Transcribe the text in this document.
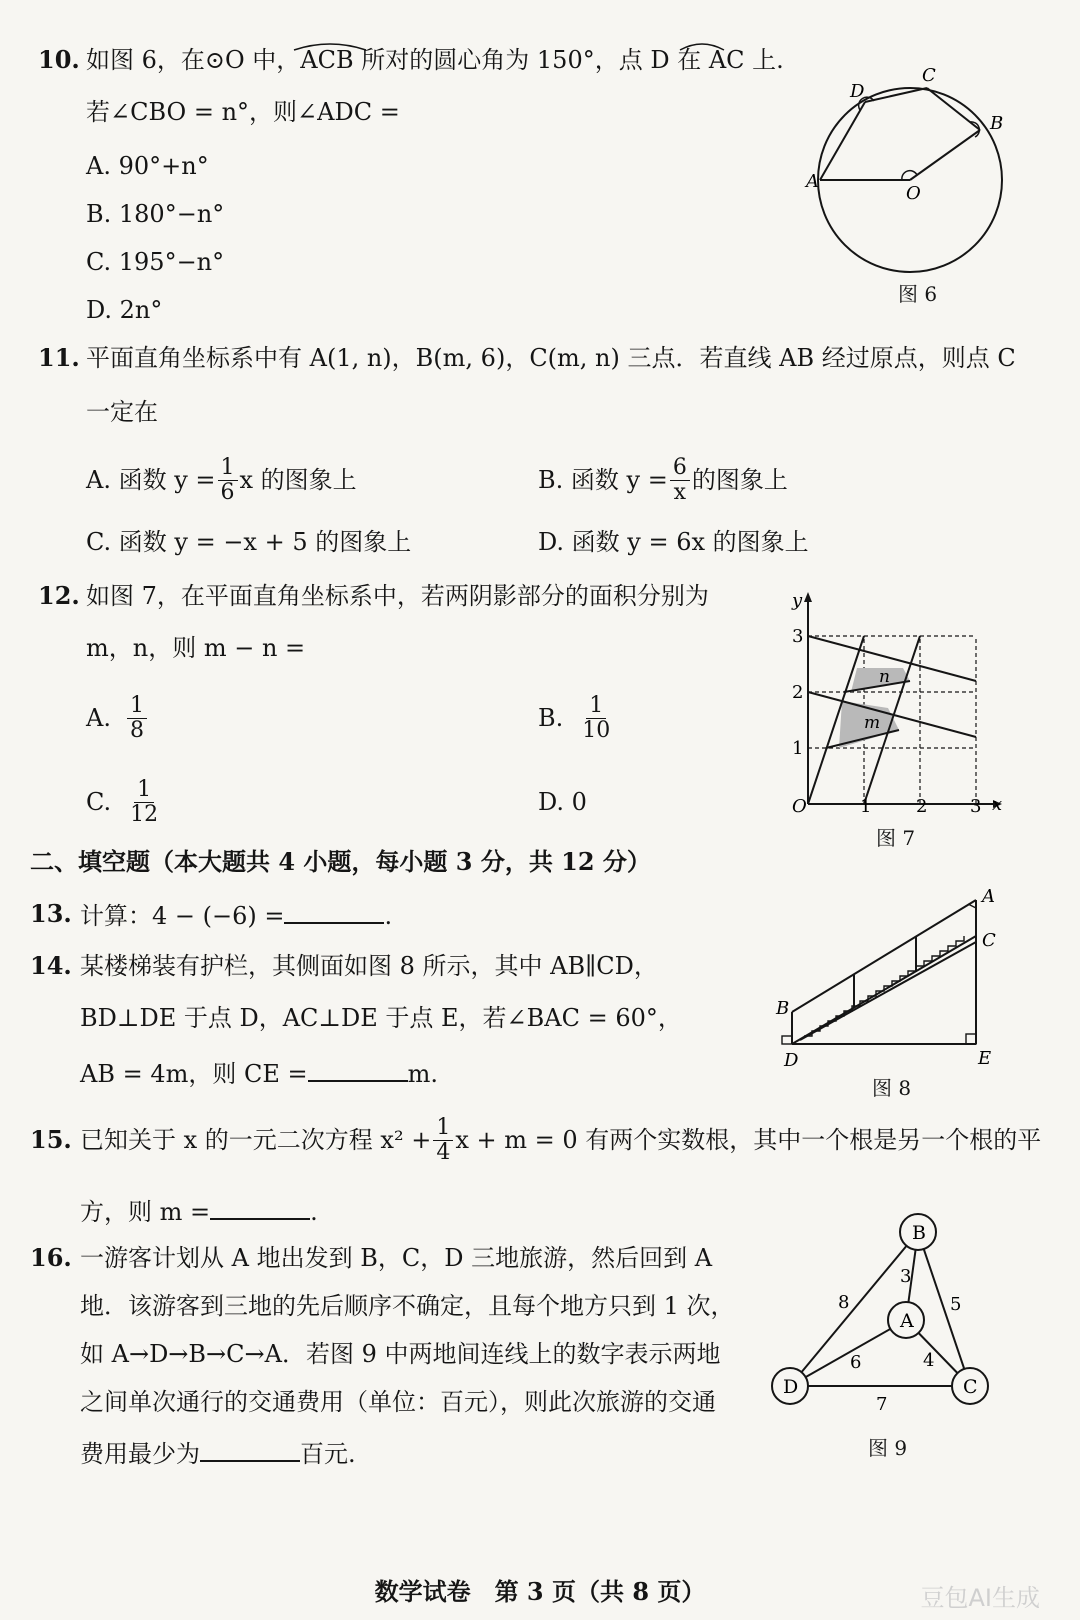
10. 如图 6，在⊙O 中，ACB 所对的圆心角为 150°，点 D 在 AC 上.
若∠CBO = n°，则∠ADC =
A. 90°+n°
B. 180°−n°
C. 195°−n°
D. 2n°
A
B
C
D
O
图 6
11. 平面直角坐标系中有 A(1, n)，B(m, 6)，C(m, n) 三点．若直线 AB 经过原点，则点 C
一定在
A. 函数 $y = \frac{1}{6}$ x 的图象上	B. 函数 $y = \frac{6}{x}$ 的图象上
C. 函数 y = −x + 5 的图象上	D. 函数 y = 6x 的图象上
12. 如图 7，在平面直角坐标系中，若两阴影部分的面积分别为
m，n，则 m − n =
A. $\frac{1}{8}$	B. $\frac{1}{10}$
C. $\frac{1}{12}$	D. 0
y
x
O	1 2 3
1
2
3
m
n
图 7
二、填空题（本大题共 4 小题，每小题 3 分，共 12 分）
13. 计算：4 − (−6) =	.
14. 某楼梯装有护栏，其侧面如图 8 所示，其中 AB∥CD，
BD⊥DE 于点 D，AC⊥DE 于点 E，若∠BAC = 60°，
AB = 4m，则 CE =	m.
A
B
C
D	E
图 8
15. 已知关于 x 的一元二次方程 $x^2 + \frac{1}{4}$ x + m = 0 有两个实数根，其中一个根是另一个根的平
方，则 m =	.
16. 一游客计划从 A 地出发到 B，C，D 三地旅游，然后回到 A
地．该游客到三地的先后顺序不确定，且每个地方只到 1 次，
如 A→D→B→C→A．若图 9 中两地间连线上的数字表示两地
之间单次通行的交通费用（单位：百元），则此次旅游的交通
费用最少为	百元.
A
B
C
D
3
8	5
6	4
7
图 9
数学试卷　第 3 页（共 8 页）	豆包AI生成
